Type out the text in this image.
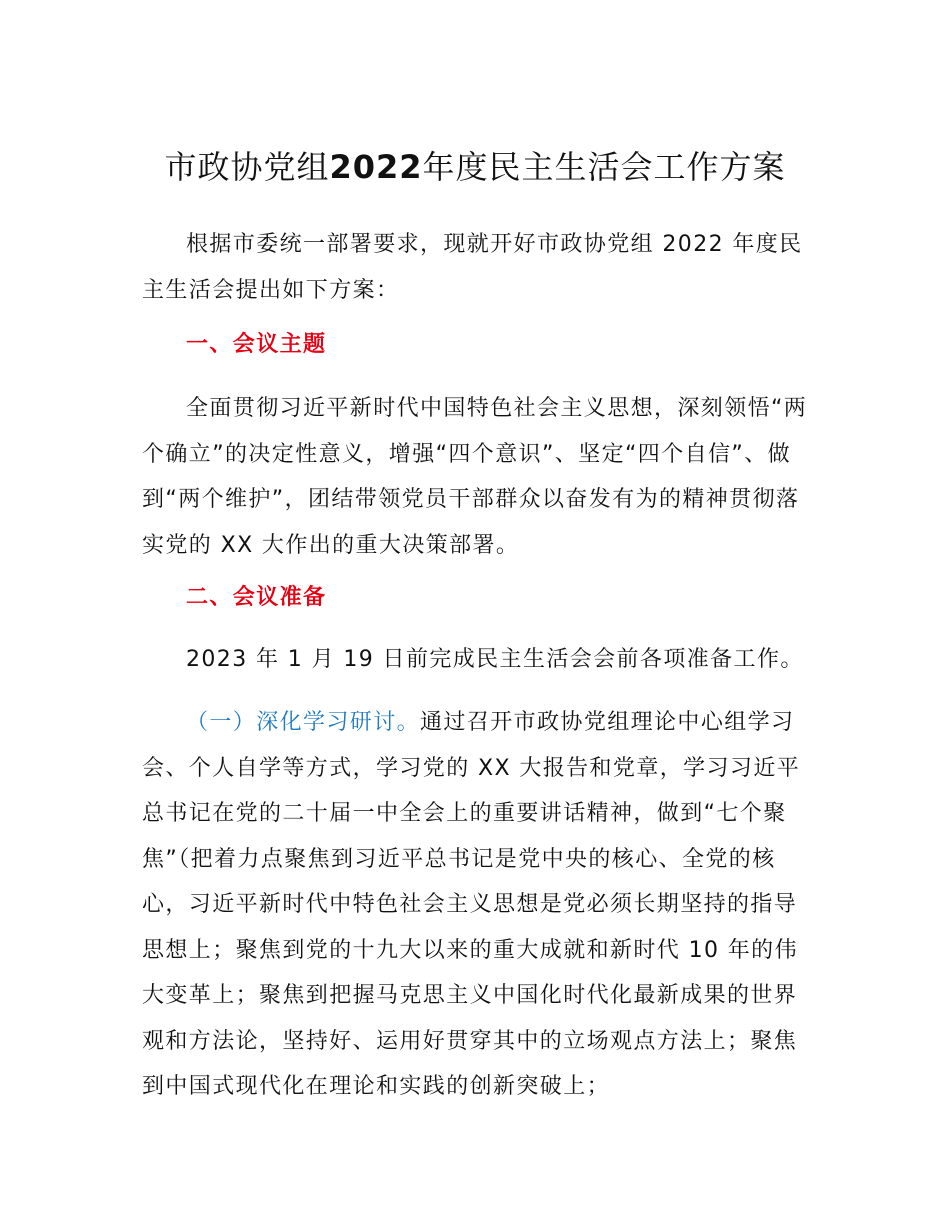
市政协党组2022年度民主生活会工作方案

根据市委统一部署要求，现就开好市政协党组 2022 年度民主生活会提出如下方案：

一、会议主题

全面贯彻习近平新时代中国特色社会主义思想，深刻领悟“两个确立”的决定性意义，增强“四个意识”、坚定“四个自信”、做到“两个维护”，团结带领党员干部群众以奋发有为的精神贯彻落实党的 XX 大作出的重大决策部署。

二、会议准备

2023 年 1 月 19 日前完成民主生活会会前各项准备工作。

（一）深化学习研讨。通过召开市政协党组理论中心组学习会、个人自学等方式，学习党的 XX 大报告和党章，学习习近平总书记在党的二十届一中全会上的重要讲话精神，做到“七个聚焦”（把着力点聚焦到习近平总书记是党中央的核心、全党的核心，习近平新时代中特色社会主义思想是党必须长期坚持的指导思想上；聚焦到党的十九大以来的重大成就和新时代 10 年的伟大变革上；聚焦到把握马克思主义中国化时代化最新成果的世界观和方法论，坚持好、运用好贯穿其中的立场观点方法上；聚焦到中国式现代化在理论和实践的创新突破上；
